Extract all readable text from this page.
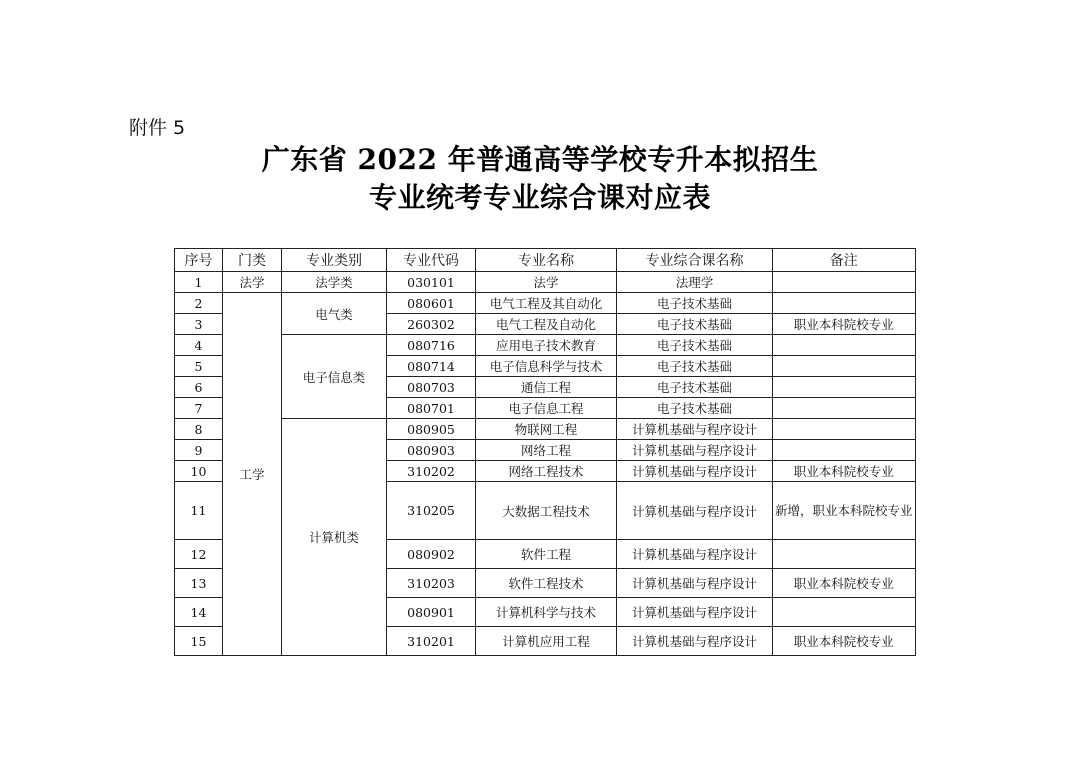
附件 5
广东省 2022 年普通高等学校专升本拟招生
专业统考专业综合课对应表
序号	门类	专业类别	专业代码	专业名称	专业综合课名称	备注
1	法学	法学类	030101	法学	法理学	
2	工学	电气类	080601	电气工程及其自动化	电子技术基础	
3			260302	电气工程及自动化	电子技术基础	职业本科院校专业
4		电子信息类	080716	应用电子技术教育	电子技术基础	
5			080714	电子信息科学与技术	电子技术基础	
6			080703	通信工程	电子技术基础	
7			080701	电子信息工程	电子技术基础	
8		计算机类	080905	物联网工程	计算机基础与程序设计	
9			080903	网络工程	计算机基础与程序设计	
10			310202	网络工程技术	计算机基础与程序设计	职业本科院校专业
11			310205	大数据工程技术	计算机基础与程序设计	新增，职业本科院校专业
12			080902	软件工程	计算机基础与程序设计	
13			310203	软件工程技术	计算机基础与程序设计	职业本科院校专业
14			080901	计算机科学与技术	计算机基础与程序设计	
15			310201	计算机应用工程	计算机基础与程序设计	职业本科院校专业
